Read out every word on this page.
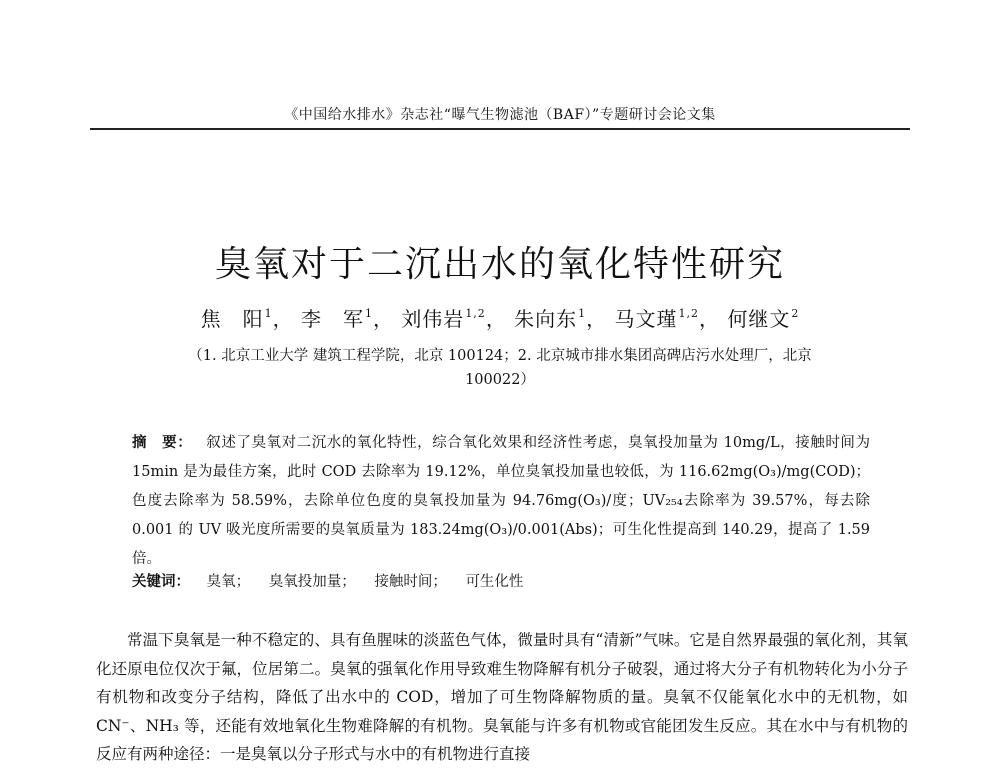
《中国给水排水》杂志社“曝气生物滤池（BAF）”专题研讨会论文集
臭氧对于二沉出水的氧化特性研究
焦　阳$^1$， 李　军$^1$， 刘伟岩$^{1,2}$， 朱向东$^1$， 马文瑾$^{1,2}$， 何继文$^2$
（1. 北京工业大学 建筑工程学院，北京 100124；2. 北京城市排水集团高碑店污水处理厂，北京
100022）
摘　要： 叙述了臭氧对二沉水的氧化特性，综合氧化效果和经济性考虑，臭氧投加量为 10mg/L，接触时间为 15min 是为最佳方案，此时 COD 去除率为 19.12%，单位臭氧投加量也较低，为 116.62mg(O₃)/mg(COD)；色度去除率为 58.59%，去除单位色度的臭氧投加量为 94.76mg(O₃)/度；UV₂₅₄去除率为 39.57%，每去除 0.001 的 UV 吸光度所需要的臭氧质量为 183.24mg(O₃)/0.001(Abs)；可生化性提高到 140.29，提高了 1.59 倍。
关键词： 臭氧； 臭氧投加量； 接触时间； 可生化性
常温下臭氧是一种不稳定的、具有鱼腥味的淡蓝色气体，微量时具有“清新”气味。它是自然界最强的氧化剂，其氧化还原电位仅次于氟，位居第二。臭氧的强氧化作用导致难生物降解有机分子破裂，通过将大分子有机物转化为小分子有机物和改变分子结构，降低了出水中的 COD，增加了可生物降解物质的量。臭氧不仅能氧化水中的无机物，如 CN⁻、NH₃ 等，还能有效地氧化生物难降解的有机物。臭氧能与许多有机物或官能团发生反应。其在水中与有机物的反应有两种途径：一是臭氧以分子形式与水中的有机物进行直接
